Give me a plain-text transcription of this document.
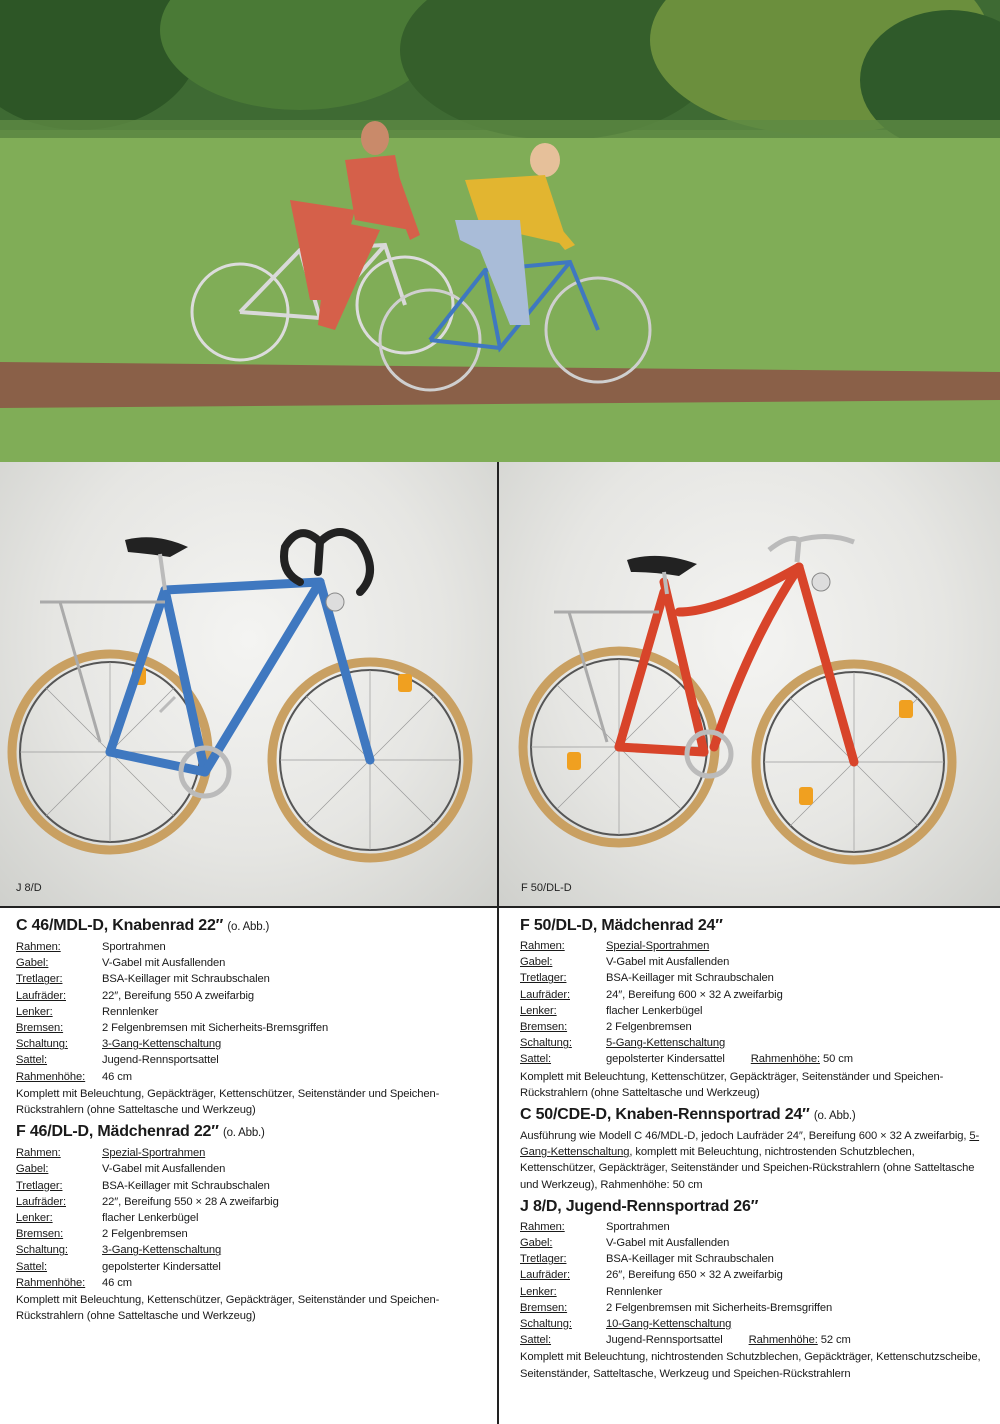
J 8/D	F 50/DL-D
C 46/MDL-D, Knabenrad 22″ (o. Abb.)
Rahmen:	Sportrahmen
Gabel:	V-Gabel mit Ausfallenden
Tretlager:	BSA-Keillager mit Schraubschalen
Laufräder:	22″, Bereifung 550 A zweifarbig
Lenker:	Rennlenker
Bremsen:	2 Felgenbremsen mit Sicherheits-Bremsgriffen
Schaltung:	3-Gang-Kettenschaltung
Sattel:	Jugend-Rennsportsattel
Rahmenhöhe:	46 cm
Komplett mit Beleuchtung, Gepäckträger, Kettenschützer, Seitenständer und Speichen-Rückstrahlern (ohne Satteltasche und Werkzeug)
F 46/DL-D, Mädchenrad 22″ (o. Abb.)
Rahmen:	Spezial-Sportrahmen
Gabel:	V-Gabel mit Ausfallenden
Tretlager:	BSA-Keillager mit Schraubschalen
Laufräder:	22″, Bereifung 550 × 28 A zweifarbig
Lenker:	flacher Lenkerbügel
Bremsen:	2 Felgenbremsen
Schaltung:	3-Gang-Kettenschaltung
Sattel:	gepolsterter Kindersattel
Rahmenhöhe:	46 cm
Komplett mit Beleuchtung, Kettenschützer, Gepäckträger, Seitenständer und Speichen-Rückstrahlern (ohne Satteltasche und Werkzeug)
F 50/DL-D, Mädchenrad 24″
Rahmen:	Spezial-Sportrahmen
Gabel:	V-Gabel mit Ausfallenden
Tretlager:	BSA-Keillager mit Schraubschalen
Laufräder:	24″, Bereifung 600 × 32 A zweifarbig
Lenker:	flacher Lenkerbügel
Bremsen:	2 Felgenbremsen
Schaltung:	5-Gang-Kettenschaltung
Sattel:	gepolsterter Kindersattel Rahmenhöhe: 50 cm
Komplett mit Beleuchtung, Kettenschützer, Gepäckträger, Seitenständer und Speichen-Rückstrahlern (ohne Satteltasche und Werkzeug)
C 50/CDE-D, Knaben-Rennsportrad 24″ (o. Abb.)
Ausführung wie Modell C 46/MDL-D, jedoch Laufräder 24″, Bereifung 600 × 32 A zweifarbig, 5-Gang-Kettenschaltung, komplett mit Beleuchtung, nichtrostenden Schutzblechen, Kettenschützer, Gepäckträger, Seitenständer und Speichen-Rückstrahlern (ohne Satteltasche und Werkzeug), Rahmenhöhe: 50 cm
J 8/D, Jugend-Rennsportrad 26″
Rahmen:	Sportrahmen
Gabel:	V-Gabel mit Ausfallenden
Tretlager:	BSA-Keillager mit Schraubschalen
Laufräder:	26″, Bereifung 650 × 32 A zweifarbig
Lenker:	Rennlenker
Bremsen:	2 Felgenbremsen mit Sicherheits-Bremsgriffen
Schaltung:	10-Gang-Kettenschaltung
Sattel:	Jugend-Rennsportsattel Rahmenhöhe: 52 cm
Komplett mit Beleuchtung, nichtrostenden Schutzblechen, Gepäckträger, Kettenschutzscheibe, Seitenständer, Satteltasche, Werkzeug und Speichen-Rückstrahlern
